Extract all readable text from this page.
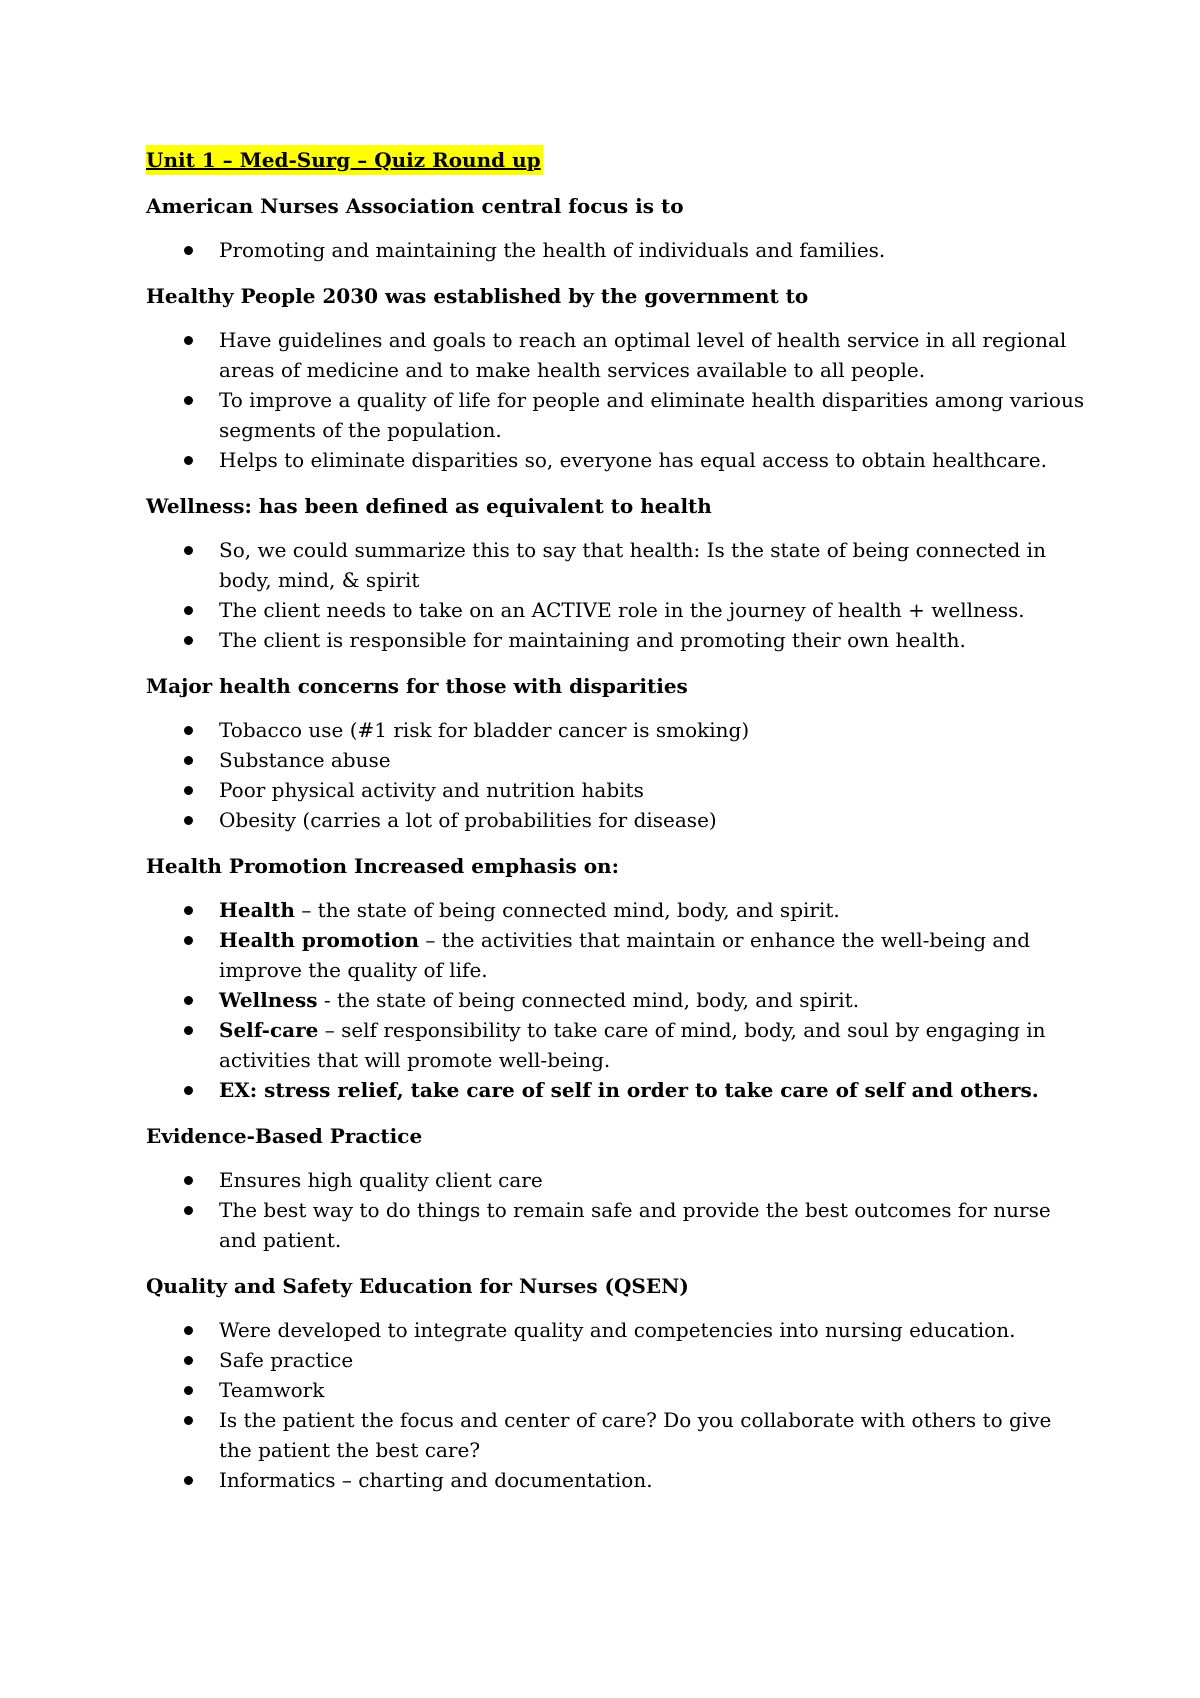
Unit 1 – Med-Surg – Quiz Round up
American Nurses Association central focus is to
Promoting and maintaining the health of individuals and families.
Healthy People 2030 was established by the government to
Have guidelines and goals to reach an optimal level of health service in all regional areas of medicine and to make health services available to all people.
To improve a quality of life for people and eliminate health disparities among various segments of the population.
Helps to eliminate disparities so, everyone has equal access to obtain healthcare.
Wellness: has been defined as equivalent to health
So, we could summarize this to say that health: Is the state of being connected in body, mind, & spirit
The client needs to take on an ACTIVE role in the journey of health + wellness.
The client is responsible for maintaining and promoting their own health.
Major health concerns for those with disparities
Tobacco use (#1 risk for bladder cancer is smoking)
Substance abuse
Poor physical activity and nutrition habits
Obesity (carries a lot of probabilities for disease)
Health Promotion Increased emphasis on:
Health – the state of being connected mind, body, and spirit.
Health promotion – the activities that maintain or enhance the well-being and improve the quality of life.
Wellness - the state of being connected mind, body, and spirit.
Self-care – self responsibility to take care of mind, body, and soul by engaging in activities that will promote well-being.
EX: stress relief, take care of self in order to take care of self and others.
Evidence-Based Practice
Ensures high quality client care
The best way to do things to remain safe and provide the best outcomes for nurse and patient.
Quality and Safety Education for Nurses (QSEN)
Were developed to integrate quality and competencies into nursing education.
Safe practice
Teamwork
Is the patient the focus and center of care? Do you collaborate with others to give the patient the best care?
Informatics – charting and documentation.
